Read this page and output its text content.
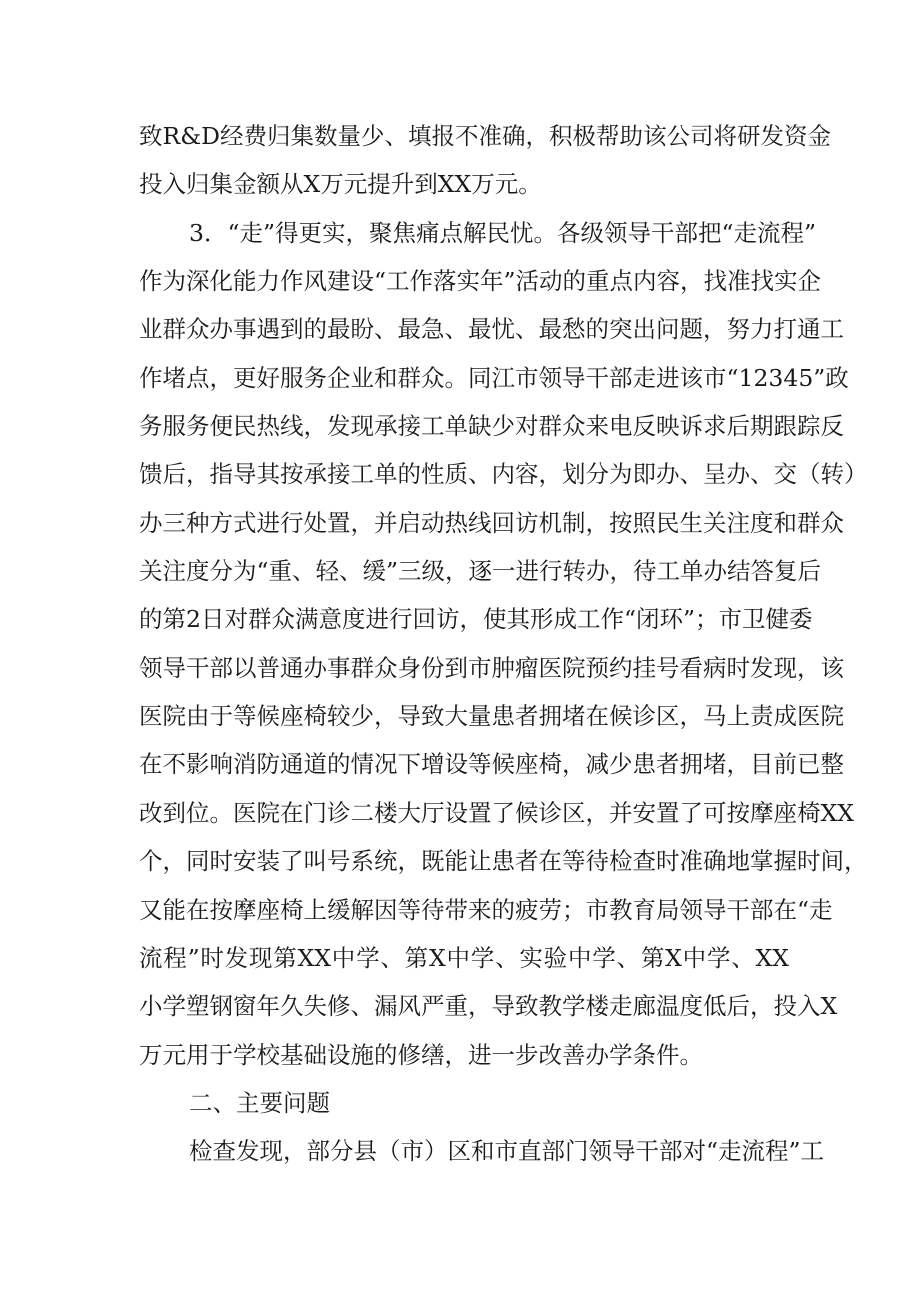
致R&D经费归集数量少、填报不准确，积极帮助该公司将研发资金
投入归集金额从X万元提升到XX万元。
3．“走”得更实，聚焦痛点解民忧。各级领导干部把“走流程”
作为深化能力作风建设“工作落实年”活动的重点内容，找准找实企
业群众办事遇到的最盼、最急、最忧、最愁的突出问题，努力打通工
作堵点，更好服务企业和群众。同江市领导干部走进该市“12345”政
务服务便民热线，发现承接工单缺少对群众来电反映诉求后期跟踪反
馈后，指导其按承接工单的性质、内容，划分为即办、呈办、交（转）
办三种方式进行处置，并启动热线回访机制，按照民生关注度和群众
关注度分为“重、轻、缓”三级，逐一进行转办，待工单办结答复后
的第2日对群众满意度进行回访，使其形成工作“闭环”；市卫健委
领导干部以普通办事群众身份到市肿瘤医院预约挂号看病时发现，该
医院由于等候座椅较少，导致大量患者拥堵在候诊区，马上责成医院
在不影响消防通道的情况下增设等候座椅，减少患者拥堵，目前已整
改到位。医院在门诊二楼大厅设置了候诊区，并安置了可按摩座椅XX
个，同时安装了叫号系统，既能让患者在等待检查时准确地掌握时间，
又能在按摩座椅上缓解因等待带来的疲劳；市教育局领导干部在“走
流程”时发现第XX中学、第X中学、实验中学、第X中学、XX
小学塑钢窗年久失修、漏风严重，导致教学楼走廊温度低后，投入X
万元用于学校基础设施的修缮，进一步改善办学条件。
二、主要问题
检查发现，部分县（市）区和市直部门领导干部对“走流程”工
